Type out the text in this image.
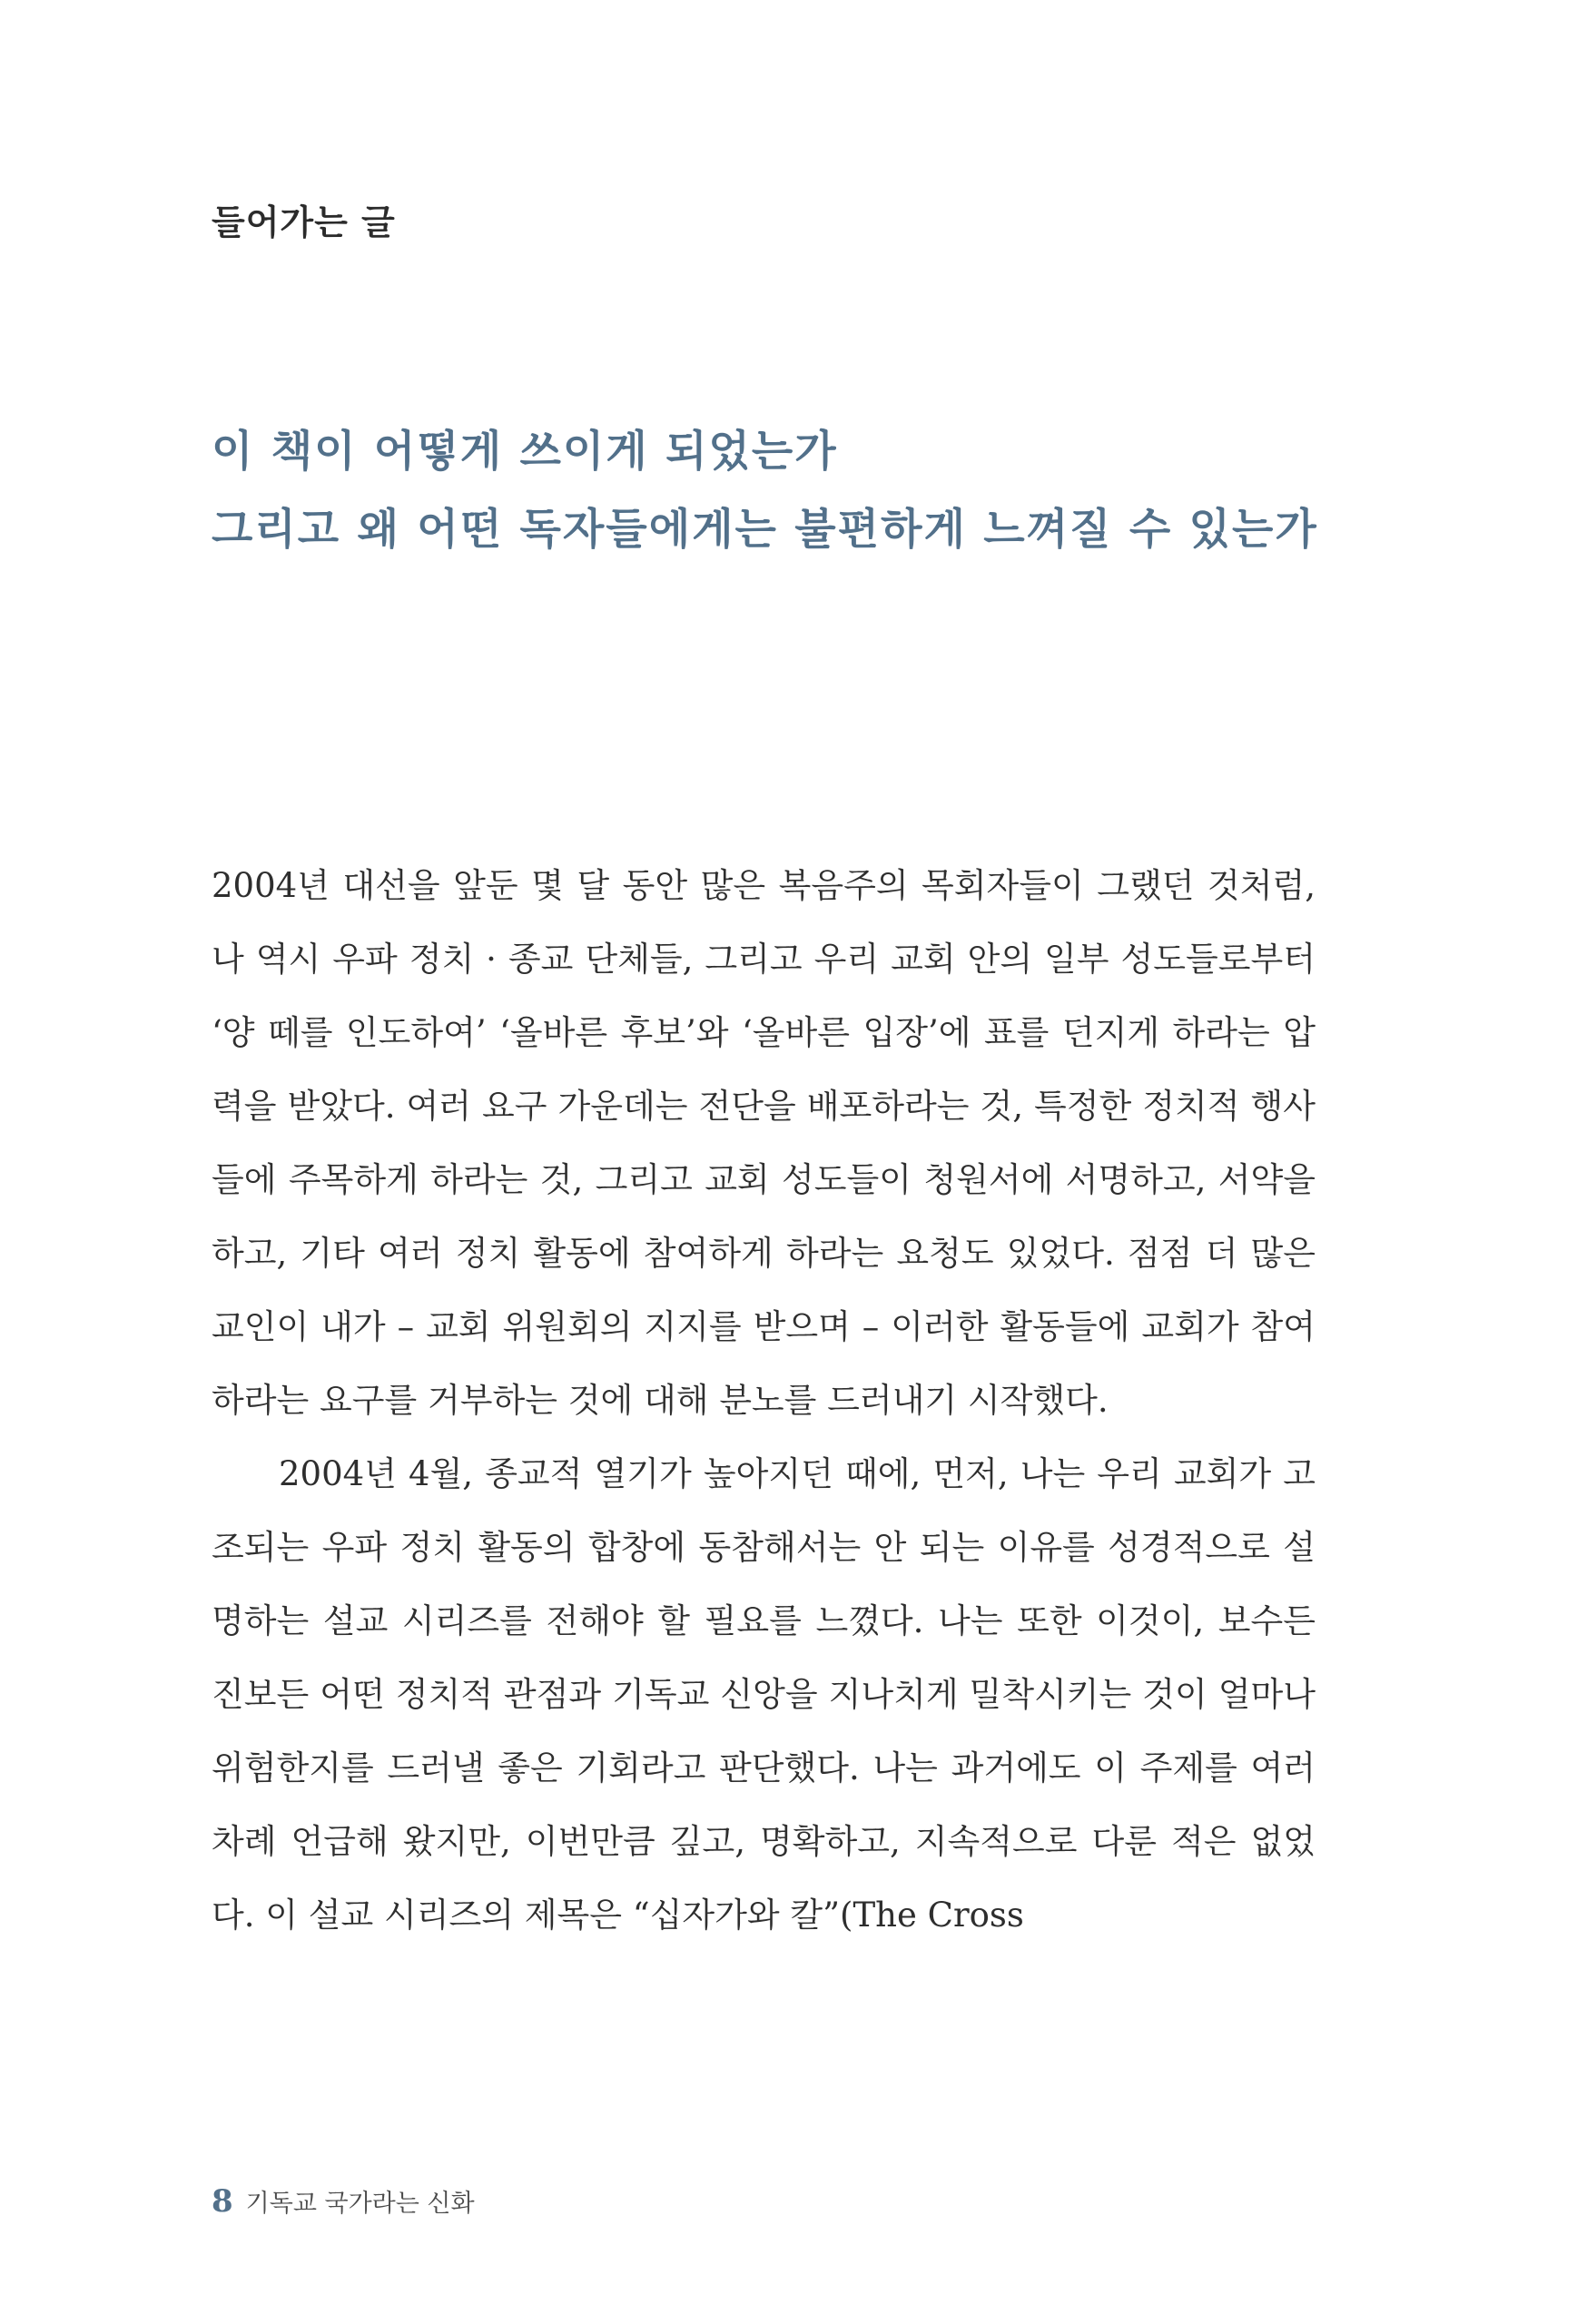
들어가는 글
이 책이 어떻게 쓰이게 되었는가
그리고 왜 어떤 독자들에게는 불편하게 느껴질 수 있는가

2004년 대선을 앞둔 몇 달 동안 많은 복음주의 목회자들이 그랬던 것처럼, 나 역시 우파 정치 · 종교 단체들, 그리고 우리 교회 안의 일부 성도들로부터 ‘양 떼를 인도하여’ ‘올바른 후보’와 ‘올바른 입장’에 표를 던지게 하라는 압력을 받았다. 여러 요구 가운데는 전단을 배포하라는 것, 특정한 정치적 행사들에 주목하게 하라는 것, 그리고 교회 성도들이 청원서에 서명하고, 서약을 하고, 기타 여러 정치 활동에 참여하게 하라는 요청도 있었다. 점점 더 많은 교인이 내가 – 교회 위원회의 지지를 받으며 – 이러한 활동들에 교회가 참여하라는 요구를 거부하는 것에 대해 분노를 드러내기 시작했다.

2004년 4월, 종교적 열기가 높아지던 때에, 먼저, 나는 우리 교회가 고조되는 우파 정치 활동의 합창에 동참해서는 안 되는 이유를 성경적으로 설명하는 설교 시리즈를 전해야 할 필요를 느꼈다. 나는 또한 이것이, 보수든 진보든 어떤 정치적 관점과 기독교 신앙을 지나치게 밀착시키는 것이 얼마나 위험한지를 드러낼 좋은 기회라고 판단했다. 나는 과거에도 이 주제를 여러 차례 언급해 왔지만, 이번만큼 깊고, 명확하고, 지속적으로 다룬 적은 없었다. 이 설교 시리즈의 제목은 “십자가와 칼”(The Cross

8 기독교 국가라는 신화
